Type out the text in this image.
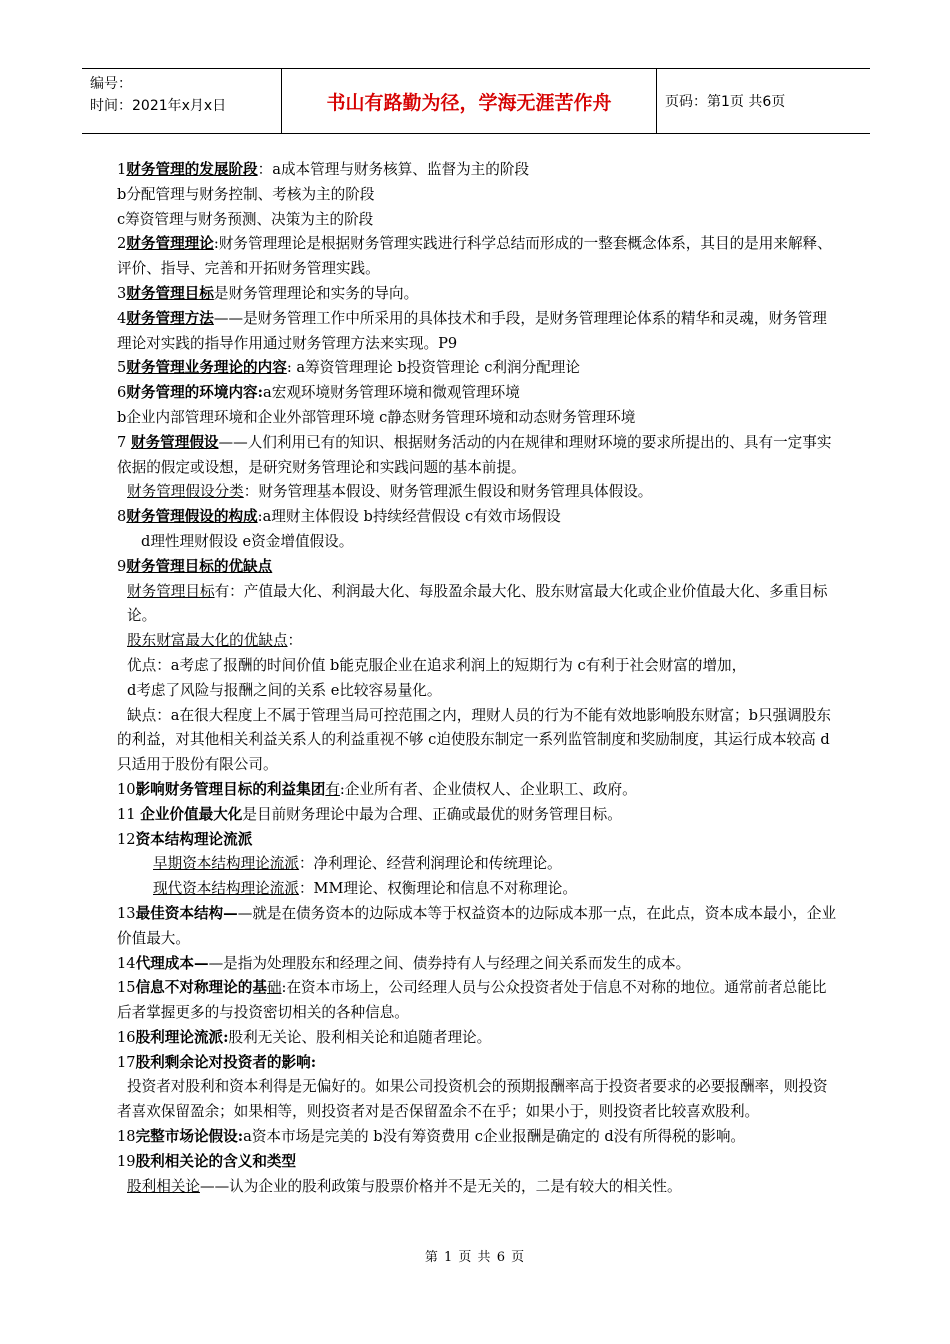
编号：
时间：2021年x月x日	书山有路勤为径，学海无涯苦作舟	页码：第1页 共6页

1财务管理的发展阶段：a成本管理与财务核算、监督为主的阶段

b分配管理与财务控制、考核为主的阶段

c筹资管理与财务预测、决策为主的阶段

2财务管理理论:财务管理理论是根据财务管理实践进行科学总结而形成的一整套概念体系，其目的是用来解释、评价、指导、完善和开拓财务管理实践。

3财务管理目标是财务管理理论和实务的导向。

4财务管理方法——是财务管理工作中所采用的具体技术和手段，是财务管理理论体系的精华和灵魂，财务管理理论对实践的指导作用通过财务管理方法来实现。P9

5财务管理业务理论的内容: a筹资管理理论 b投资管理论 c利润分配理论

6财务管理的环境内容:a宏观环境财务管理环境和微观管理环境

b企业内部管理环境和企业外部管理环境 c静态财务管理环境和动态财务管理环境

7 财务管理假设——人们利用已有的知识、根据财务活动的内在规律和理财环境的要求所提出的、具有一定事实依据的假定或设想，是研究财务管理论和实践问题的基本前提。

财务管理假设分类：财务管理基本假设、财务管理派生假设和财务管理具体假设。

8财务管理假设的构成:a理财主体假设 b持续经营假设 c有效市场假设

d理性理财假设 e资金增值假设。

9财务管理目标的优缺点

财务管理目标有：产值最大化、利润最大化、每股盈余最大化、股东财富最大化或企业价值最大化、多重目标论。

股东财富最大化的优缺点：

优点：a考虑了报酬的时间价值 b能克服企业在追求利润上的短期行为 c有利于社会财富的增加，

d考虑了风险与报酬之间的关系 e比较容易量化。

缺点：a在很大程度上不属于管理当局可控范围之内，理财人员的行为不能有效地影响股东财富；b只强调股东的利益，对其他相关利益关系人的利益重视不够 c迫使股东制定一系列监管制度和奖励制度，其运行成本较高 d只适用于股份有限公司。

10影响财务管理目标的利益集团有:企业所有者、企业债权人、企业职工、政府。

11 企业价值最大化是目前财务理论中最为合理、正确或最优的财务管理目标。

12资本结构理论流派

早期资本结构理论流派：净利理论、经营利润理论和传统理论。

现代资本结构理论流派：MM理论、权衡理论和信息不对称理论。

13最佳资本结构——就是在债务资本的边际成本等于权益资本的边际成本那一点，在此点，资本成本最小，企业价值最大。

14代理成本——是指为处理股东和经理之间、债券持有人与经理之间关系而发生的成本。

15信息不对称理论的基础:在资本市场上，公司经理人员与公众投资者处于信息不对称的地位。通常前者总能比后者掌握更多的与投资密切相关的各种信息。

16股利理论流派:股利无关论、股利相关论和追随者理论。

17股利剩余论对投资者的影响:

投资者对股利和资本利得是无偏好的。如果公司投资机会的预期报酬率高于投资者要求的必要报酬率，则投资者喜欢保留盈余；如果相等，则投资者对是否保留盈余不在乎；如果小于，则投资者比较喜欢股利。

18完整市场论假设:a资本市场是完美的 b没有筹资费用 c企业报酬是确定的 d没有所得税的影响。

19股利相关论的含义和类型

股利相关论——认为企业的股利政策与股票价格并不是无关的，二是有较大的相关性。

第 1 页 共 6 页
